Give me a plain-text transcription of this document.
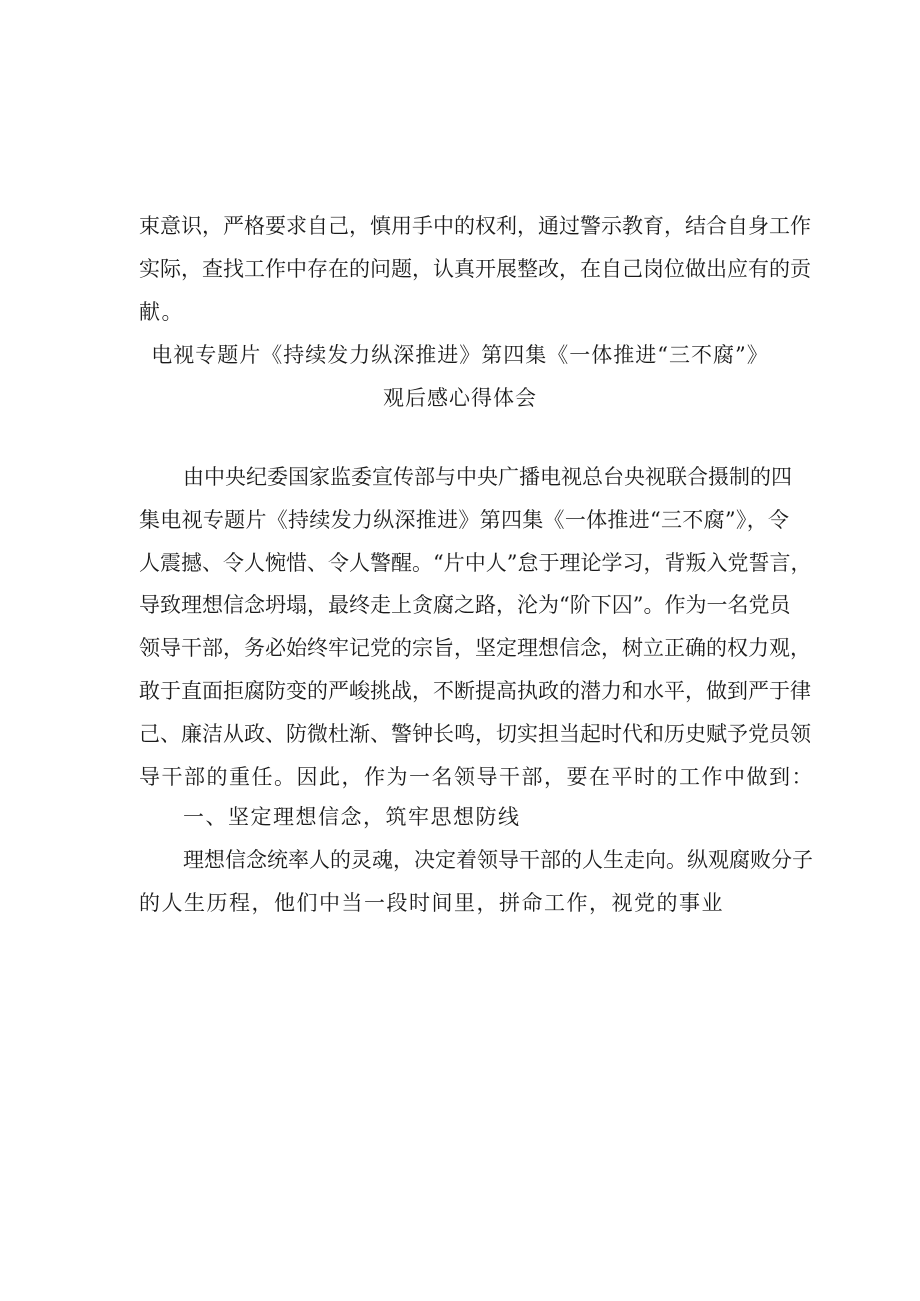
束意识，严格要求自己，慎用手中的权利，通过警示教育，结合自身工作
实际，查找工作中存在的问题，认真开展整改，在自己岗位做出应有的贡
献。
电视专题片《持续发力纵深推进》第四集《一体推进“三不腐”》
观后感心得体会
由中央纪委国家监委宣传部与中央广播电视总台央视联合摄制的四
集电视专题片《持续发力纵深推进》第四集《一体推进“三不腐”》，令
人震撼、令人惋惜、令人警醒。“片中人”怠于理论学习，背叛入党誓言，
导致理想信念坍塌，最终走上贪腐之路，沦为“阶下囚”。作为一名党员
领导干部，务必始终牢记党的宗旨，坚定理想信念，树立正确的权力观，
敢于直面拒腐防变的严峻挑战，不断提高执政的潜力和水平，做到严于律
己、廉洁从政、防微杜渐、警钟长鸣，切实担当起时代和历史赋予党员领
导干部的重任。因此，作为一名领导干部，要在平时的工作中做到：
一、坚定理想信念，筑牢思想防线
理想信念统率人的灵魂，决定着领导干部的人生走向。纵观腐败分子
的人生历程，他们中当一段时间里，拼命工作，视党的事业
